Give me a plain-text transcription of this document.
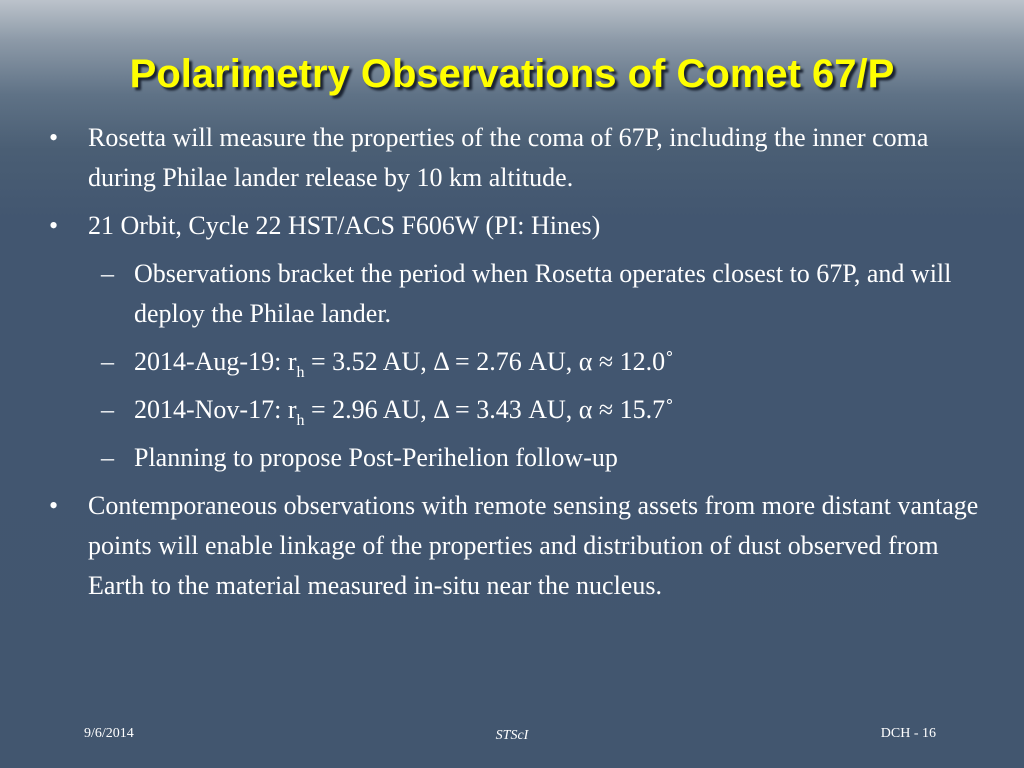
Polarimetry Observations of Comet 67/P

• Rosetta will measure the properties of the coma of 67P, including the inner coma during Philae lander release by 10 km altitude.

• 21 Orbit, Cycle 22 HST/ACS F606W (PI: Hines)

– Observations bracket the period when Rosetta operates closest to 67P, and will deploy the Philae lander.

– 2014-Aug-19: $r_h = 3.52$ AU, Δ = 2.76 AU, α ≈ 12.0˚

– 2014-Nov-17: $r_h = 2.96$ AU, Δ = 3.43 AU, α ≈ 15.7˚

– Planning to propose Post-Perihelion follow-up

• Contemporaneous observations with remote sensing assets from more distant vantage points will enable linkage of the properties and distribution of dust observed from Earth to the material measured in-situ near the nucleus.

9/6/2014	STScI	DCH - 16
